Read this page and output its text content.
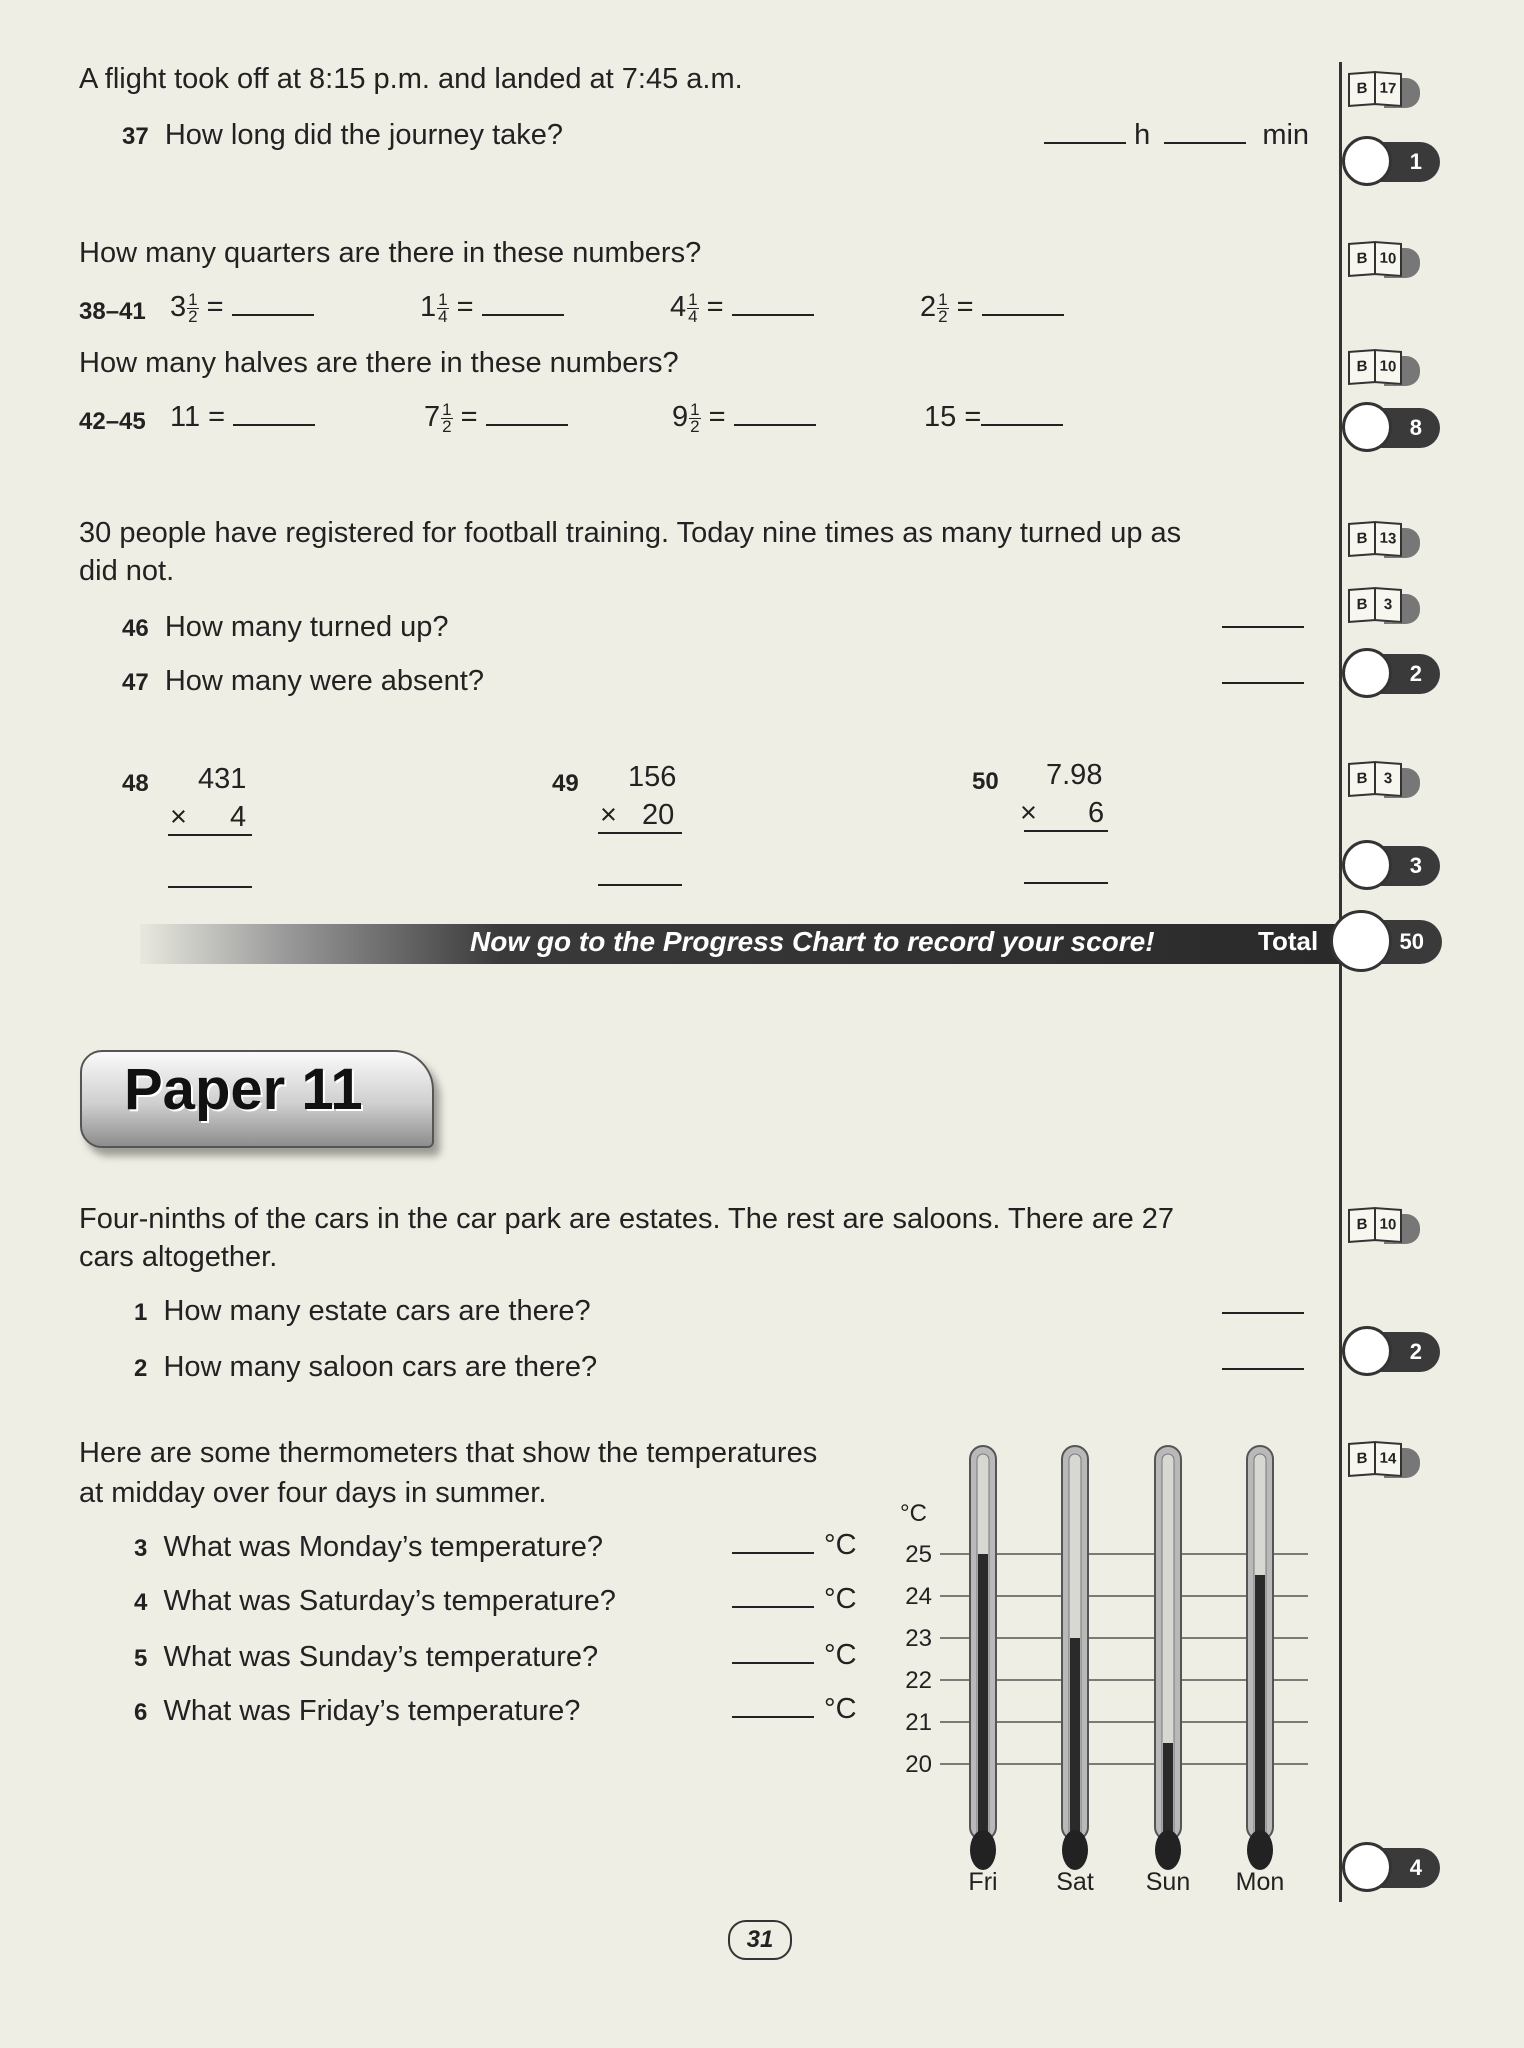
A flight took off at 8:15 p.m. and landed at 7:45 a.m.
37 How long did the journey take?	h	min
B 17
1
How many quarters are there in these numbers?
38–41 $3 \frac{1}{2}$ =	$1 \frac{1}{4}$ =	$4 \frac{1}{4}$ =	$2 \frac{1}{2}$ =
B 10
How many halves are there in these numbers?
42–45 11 =	$7 \frac{1}{2}$ =	$9 \frac{1}{2}$ =	15 =
B 10
8
30 people have registered for football training. Today nine times as many turned up as
did not.
46 How many turned up?
47 How many were absent?
B 13
B	3
2
48 431
× 4
49 156
× 20
50 7.98
× 6
B	3
3
Now go to the Progress Chart to record your score!	Total	50
Paper 11
Four-ninths of the cars in the car park are estates. The rest are saloons. There are 27
cars altogether.
1 How many estate cars are there?
2 How many saloon cars are there?
B 10
2
Here are some thermometers that show the temperatures
at midday over four days in summer.
3 What was Monday’s temperature?	°C
4 What was Saturday’s temperature?	°C
5 What was Sunday’s temperature?	°C
6 What was Friday’s temperature?	°C
B 14
4
25
24
23
22
21
20
°C
Fri Sat Sun Mon
31
